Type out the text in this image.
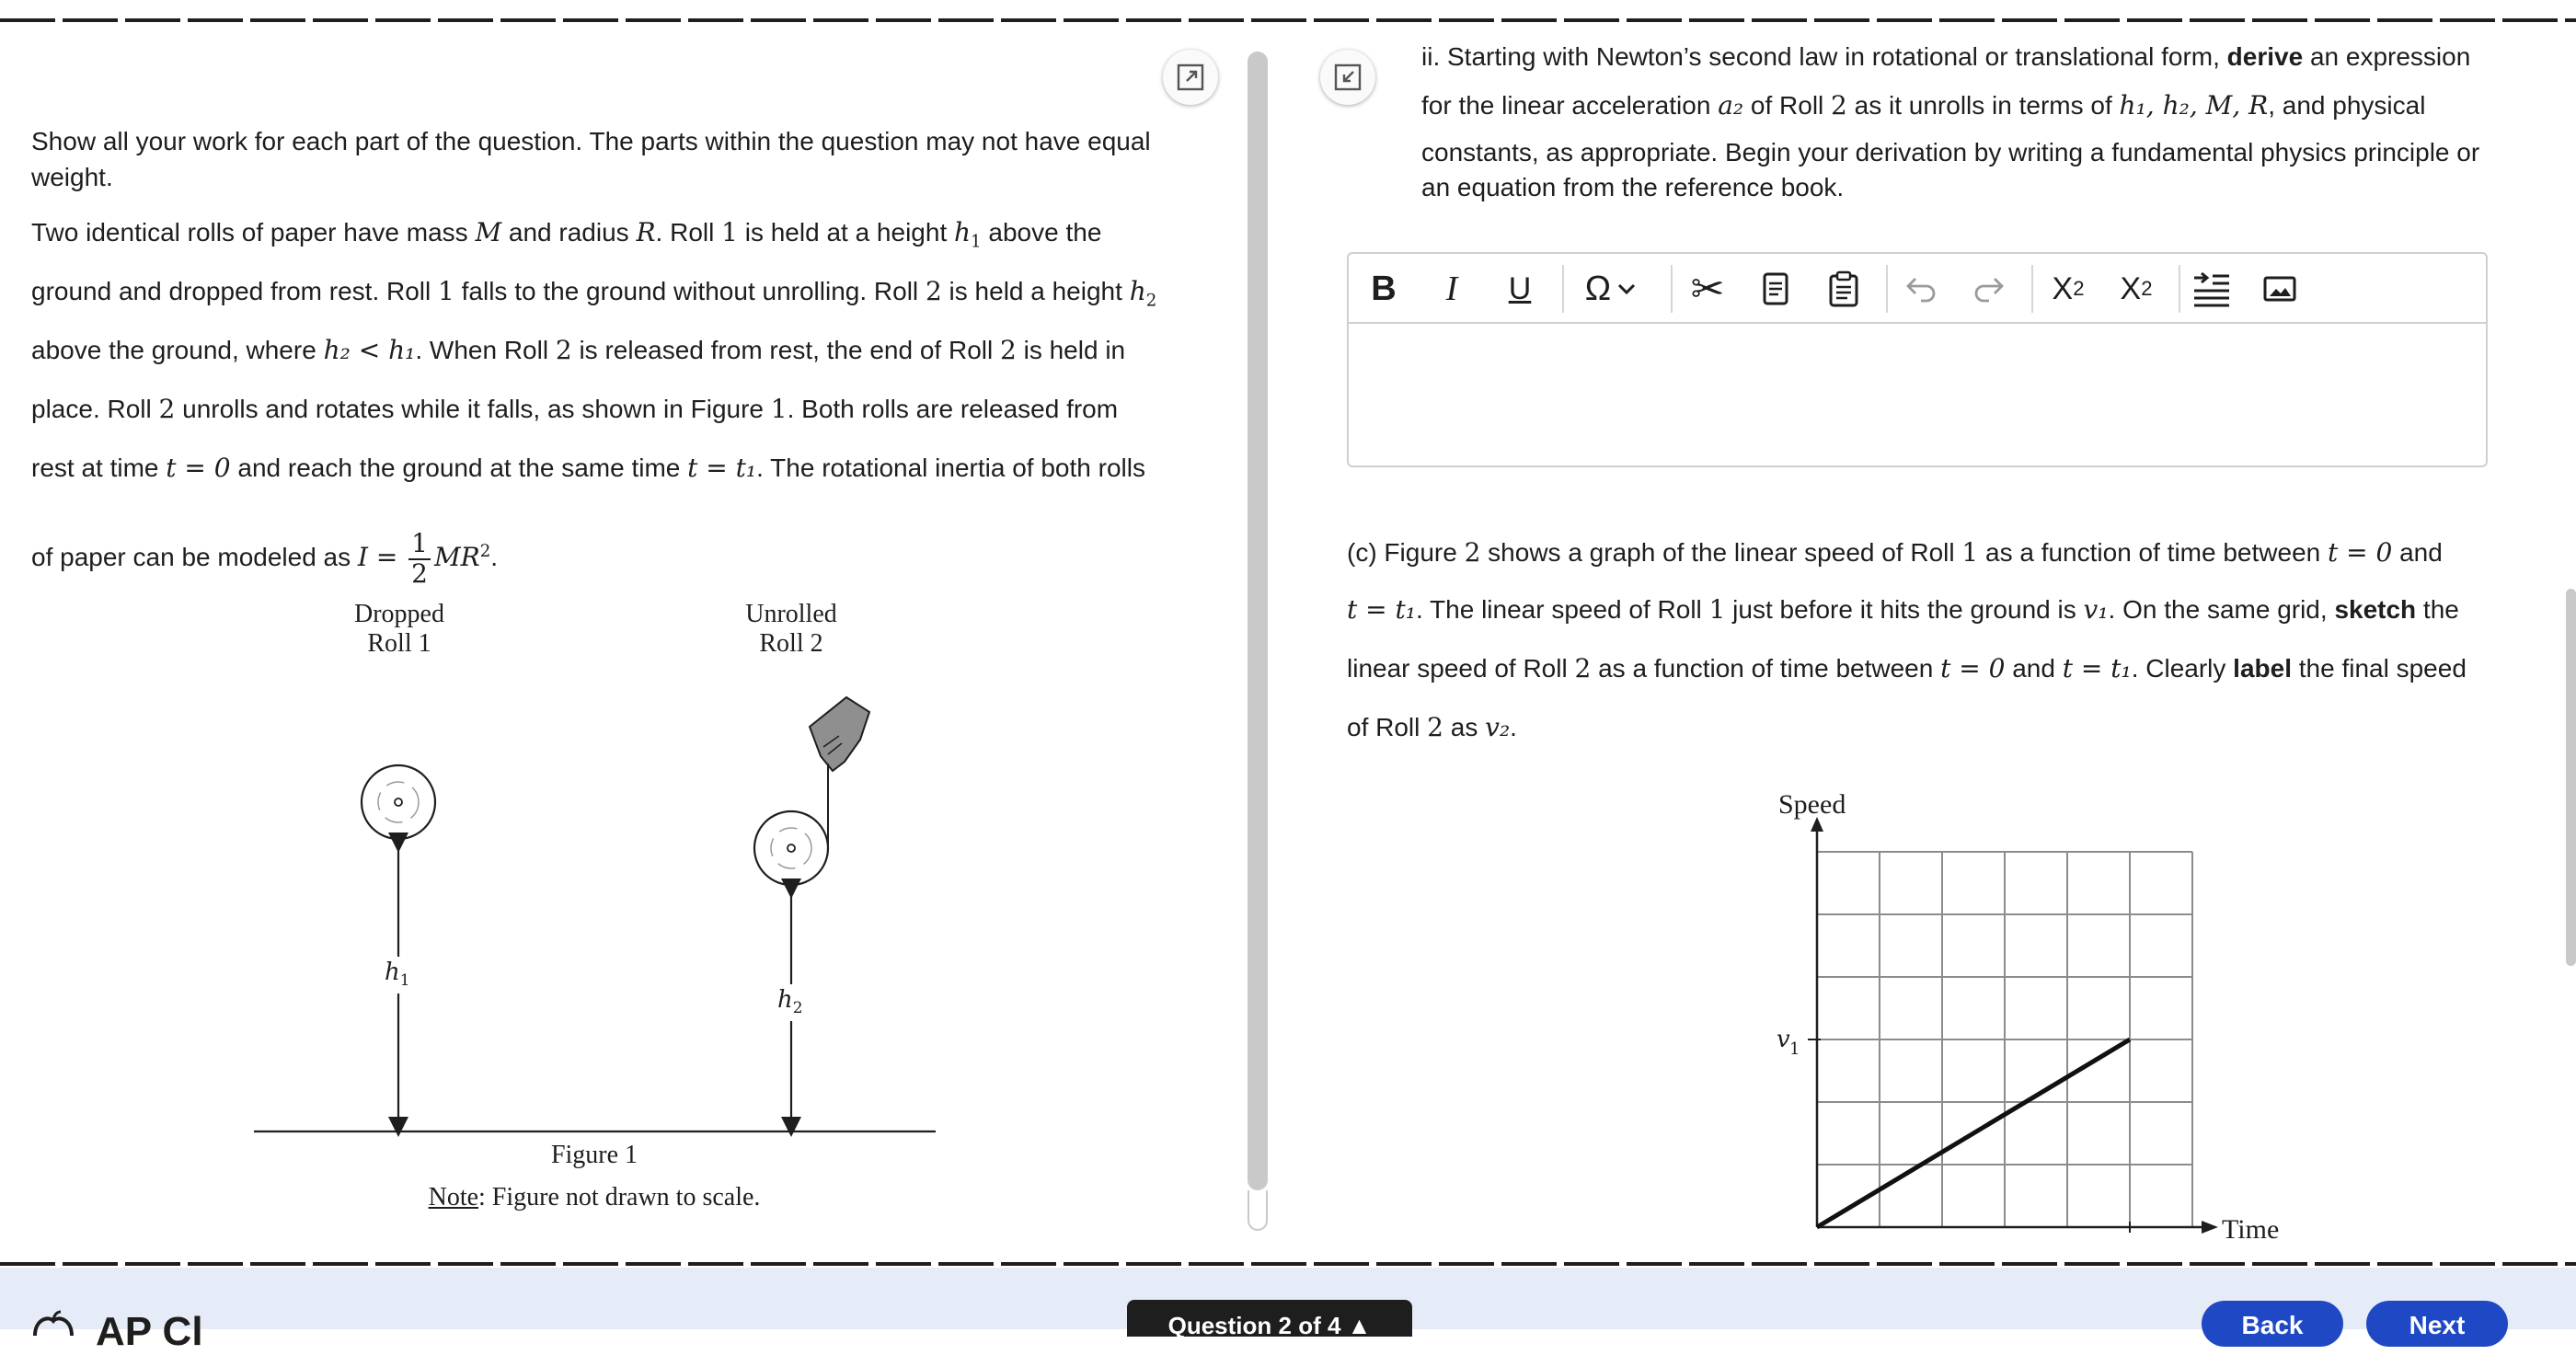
Show all your work for each part of the question. The parts within the question may not have equal weight.
Two identical rolls of paper have mass M and radius R. Roll 1 is held at a height $h_1$ above the
ground and dropped from rest. Roll 1 falls to the ground without unrolling. Roll 2 is held a height $h_2$
above the ground, where h₂ < h₁. When Roll 2 is released from rest, the end of Roll 2 is held in
place. Roll 2 unrolls and rotates while it falls, as shown in Figure 1. Both rolls are released from
rest at time t = 0 and reach the ground at the same time t = t₁. The rotational inertia of both rolls
of paper can be modeled as $I = \frac{1}{2} MR^2$.
Dropped
Roll 1
Unrolled
Roll 2
$h_1$
$h_2$
Figure 1
Note: Figure not drawn to scale.
ii. Starting with Newton’s second law in rotational or translational form, derive an expression
for the linear acceleration a₂ of Roll 2 as it unrolls in terms of h₁, h₂, M, R, and physical
constants, as appropriate. Begin your derivation by writing a fundamental physics principle or
an equation from the reference book.
B	I	U	Ω ✂	X 2 X 2
(c) Figure 2 shows a graph of the linear speed of Roll 1 as a function of time between t = 0 and
t = t₁. The linear speed of Roll 1 just before it hits the ground is v₁. On the same grid, sketch the
linear speed of Roll 2 as a function of time between t = 0 and t = t₁. Clearly label the final speed
of Roll 2 as v₂.
Speed
Time
v 1
AP Cl	Question 2 of 4 ▲	Back	Next
